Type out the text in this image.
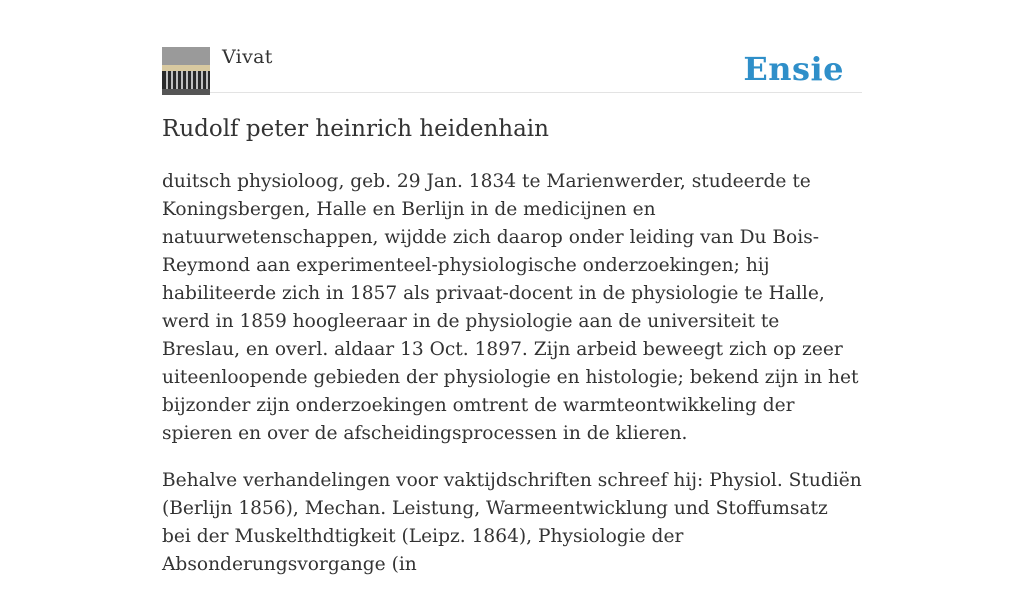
Vivat	Ensie
Rudolf peter heinrich heidenhain

duitsch physioloog, geb. 29 Jan. 1834 te Marienwerder, studeerde te Koningsbergen, Halle en Berlijn in de medicijnen en natuurwetenschappen, wijdde zich daarop onder leiding van Du Bois-Reymond aan experimenteel-physiologische onderzoekingen; hij habiliteerde zich in 1857 als privaat-docent in de physiologie te Halle, werd in 1859 hoogleeraar in de physiologie aan de universiteit te Breslau, en overl. aldaar 13 Oct. 1897. Zijn arbeid beweegt zich op zeer uiteenloopende gebieden der physiologie en histologie; bekend zijn in het bijzonder zijn onderzoekingen omtrent de warmteontwikkeling der spieren en over de afscheidingsprocessen in de klieren.

Behalve verhandelingen voor vaktijdschriften schreef hij: Physiol. Studiën (Berlijn 1856), Mechan. Leistung, Warmeentwicklung und Stoffumsatz bei der Muskelthdtigkeit (Leipz. 1864), Physiologie der Absonderungsvorgange (in
